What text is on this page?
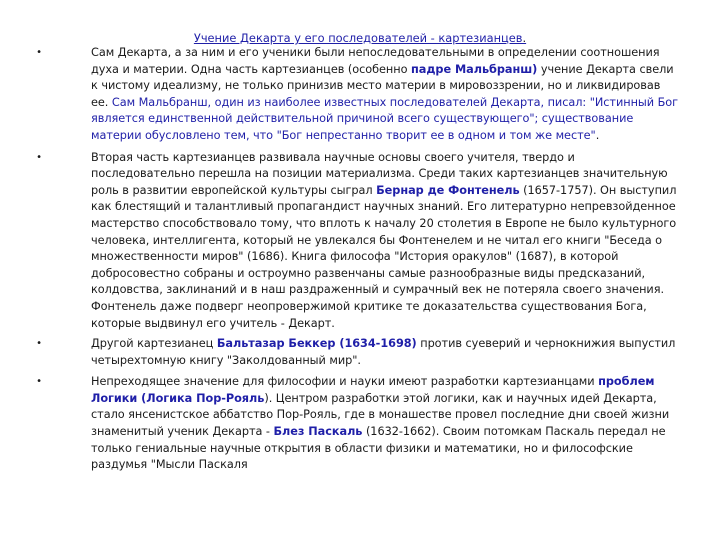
Учение Декарта у его последователей - картезианцев.
•	Сам Декарта, а за ним и его ученики были непоследовательными в определении соотношения духа и материи. Одна часть картезианцев (особенно падре Мальбранш) учение Декарта свели к чистому идеализму, не только принизив место материи в мировоззрении, но и ликвидировав ее. Сам Мальбранш, один из наиболее известных последователей Декарта, писал: "Истинный Бог является единственной действительной причиной всего существующего"; существование материи обусловлено тем, что "Бог непрестанно творит ее в одном и том же месте".
•	Вторая часть картезианцев развивала научные основы своего учителя, твердо и последовательно перешла на позиции материализма. Среди таких картезианцев значительную роль в развитии европейской культуры сыграл Бернар де Фонтенель (1657-1757). Он выступил как блестящий и талантливый пропагандист научных знаний. Его литературно непревзойденное мастерство способствовало тому, что вплоть к началу 20 столетия в Европе не было культурного человека, интеллигента, который не увлекался бы Фонтенелем и не читал его книги "Беседа о множественности миров" (1686). Книга философа "История оракулов" (1687), в которой добросовестно собраны и остроумно развенчаны самые разнообразные виды предсказаний, колдовства, заклинаний и в наш раздраженный и сумрачный век не потеряла своего значения. Фонтенель даже подверг неопровержимой критике те доказательства существования Бога, которые выдвинул его учитель - Декарт.
•	Другой картезианец Бальтазар Беккер (1634-1698) против суеверий и чернокнижия выпустил четырехтомную книгу "Заколдованный мир".
•	Непреходящее значение для философии и науки имеют разработки картезианцами проблем Логики (Логика Пор-Рояль). Центром разработки этой логики, как и научных идей Декарта, стало янсенистское аббатство Пор-Рояль, где в монашестве провел последние дни своей жизни знаменитый ученик Декарта - Блез Паскаль (1632-1662). Своим потомкам Паскаль передал не только гениальные научные открытия в области физики и математики, но и философские раздумья "Мысли Паскаля
